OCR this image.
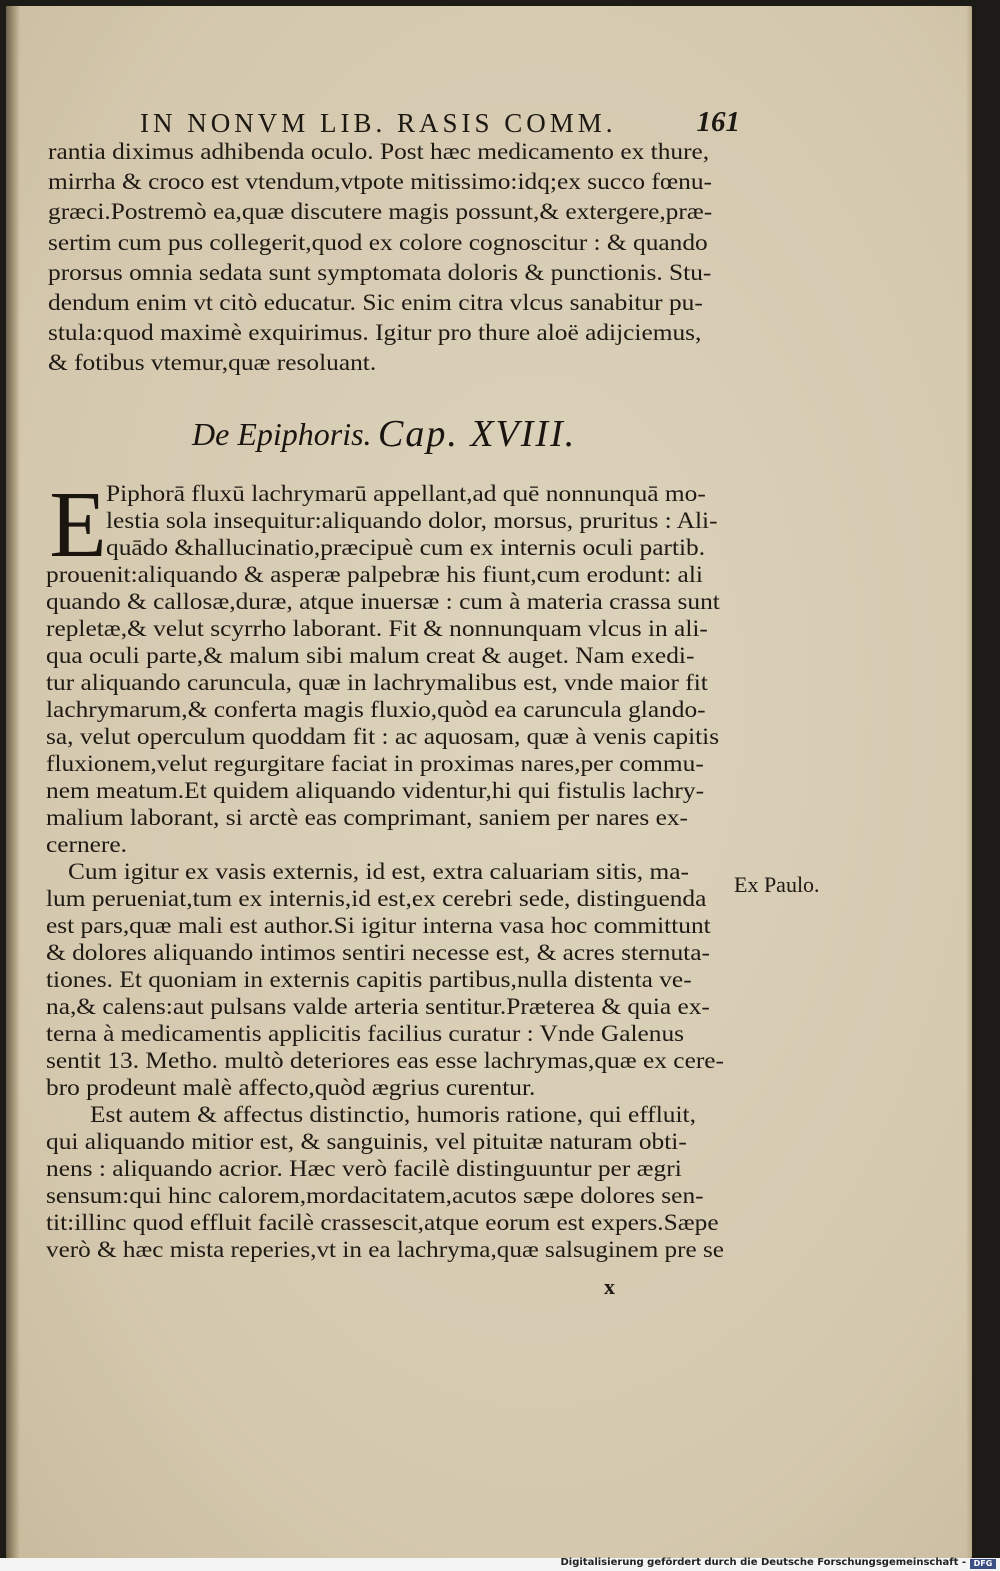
IN NONVM LIB. RASIS COMM.	161
rantia diximus adhibenda oculo. Post hæc medicamento ex thure,
mirrha & croco est vtendum,vtpote mitissimo:idq;ex succo fœnu-
græci.Postremò ea,quæ discutere magis possunt,& extergere,præ-
sertim cum pus collegerit,quod ex colore cognoscitur : & quando
prorsus omnia sedata sunt symptomata doloris & punctionis. Stu-
dendum enim vt citò educatur. Sic enim citra vlcus sanabitur pu-
stula:quod maximè exquirimus. Igitur pro thure aloë adijciemus,
& fotibus vtemur,quæ resoluant.
De Epiphoris. Cap. XVIII.
E Piphorā fluxū lachrymarū appellant,ad quē nonnunquā mo-
lestia sola insequitur:aliquando dolor, morsus, pruritus : Ali-
quādo &hallucinatio,præcipuè cum ex internis oculi partib.
prouenit:aliquando & asperæ palpebræ his fiunt,cum erodunt: ali
quando & callosæ,duræ, atque inuersæ : cum à materia crassa sunt
repletæ,& velut scyrrho laborant. Fit & nonnunquam vlcus in ali-
qua oculi parte,& malum sibi malum creat & auget. Nam exedi-
tur aliquando caruncula, quæ in lachrymalibus est, vnde maior fit
lachrymarum,& conferta magis fluxio,quòd ea caruncula glando-
sa, velut operculum quoddam fit : ac aquosam, quæ à venis capitis
fluxionem,velut regurgitare faciat in proximas nares,per commu-
nem meatum.Et quidem aliquando videntur,hi qui fistulis lachry-
malium laborant, si arctè eas comprimant, saniem per nares ex-
cernere.
Cum igitur ex vasis externis, id est, extra caluariam sitis, ma-
lum perueniat,tum ex internis,id est,ex cerebri sede, distinguenda
est pars,quæ mali est author.Si igitur interna vasa hoc committunt
& dolores aliquando intimos sentiri necesse est, & acres sternuta-
tiones. Et quoniam in externis capitis partibus,nulla distenta ve-
na,& calens:aut pulsans valde arteria sentitur.Præterea & quia ex-
terna à medicamentis applicitis facilius curatur : Vnde Galenus
sentit 13. Metho. multò deteriores eas esse lachrymas,quæ ex cere-
bro prodeunt malè affecto,quòd ægrius curentur.
Est autem & affectus distinctio, humoris ratione, qui effluit,
qui aliquando mitior est, & sanguinis, vel pituitæ naturam obti-
nens : aliquando acrior. Hæc verò facilè distinguuntur per ægri
sensum:qui hinc calorem,mordacitatem,acutos sæpe dolores sen-
tit:illinc quod effluit facilè crassescit,atque eorum est expers.Sæpe
verò & hæc mista reperies,vt in ea lachryma,quæ salsuginem pre se
Ex Paulo.
x
Digitalisierung gefördert durch die Deutsche Forschungsgemeinschaft - DFG
